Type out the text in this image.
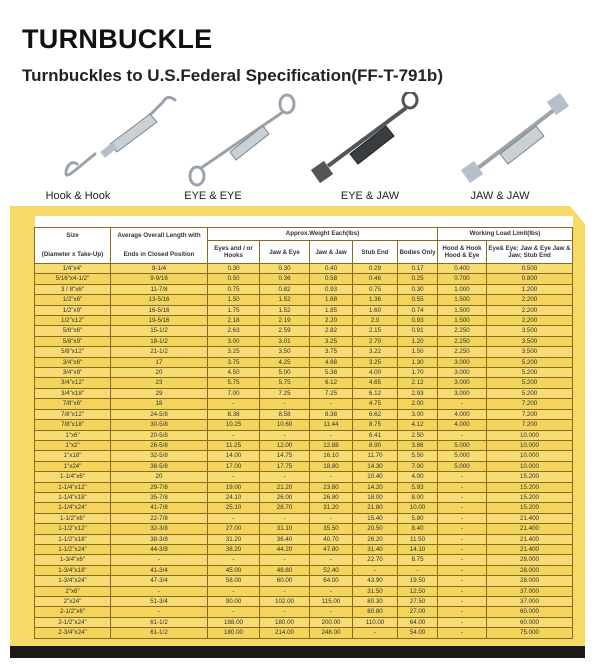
TURNBUCKLE
Turnbuckles to U.S.Federal Specification(FF-T-791b)
Hook & Hook	EYE & EYE	EYE & JAW	JAW & JAW

Size

(Diameter x Take-Up)	Average Overall Length with

Ends in Closed Position	Approx.Weight Each(lbs)					Working Load Limit(lbs)	
		Eyes and / or Hooks	Jaw & Eye	Jaw & Jaw	Stub End	Bodies Only	Hood & Hook Hood & Eye	Eye& Eye; Jaw & Eye Jaw & Jaw; Stub End
1/4"x4"	9-1/4	0.30	0.30	0.40	0.29	0.17	0.400	0.500
5/16"x4-1/2"	9-9/16	0.50	0.36	0.58	0.46	0.25	0.700	0.800
3 / 8"x6"	11-7/8	0.75	0.82	0.93	0.75	0.30	1.000	1.200
1/2"x6"	13-5/16	1.50	1.52	1.68	1.36	0.55	1.500	2.200
1/2"x9"	16-5/16	1.75	1.52	1.85	1.60	0.74	1.500	2.200
1/2"x12"	19-5/16	2.18	2.19	2.20	2.0	0.93	1.500	2.200
5/8"x6"	15-1/2	2.63	2.59	2.82	2.15	0.91	2.250	3.500
5/8"x9"	18-1/2	3.00	3.01	3.25	2.70	1.20	2.250	3.500
5/8"x12"	21-1/2	3.25	3.50	3.75	3.22	1.50	2.250	3.500
3/4"x6"	17	3.75	4.25	4.88	3.25	1.30	3.000	5.200
3/4"x9"	20	4.50	5.00	5.38	4.00	1.70	3.000	5.200
3/4"x12"	23	5.75	5.75	6.12	4.65	2.12	3.000	5.200
3/4"x18"	29	7.00	7.25	7.25	6.12	2.93	3.000	5.200
7/8"x6"	18	-	-	-	4.75	2.00	-	7.200
7/8"x12"	24-5/8	8.38	8.58	8.38	6.62	3.00	4.000	7.200
7/8"x18"	30-5/8	10.25	10.60	11.44	8.75	4.12	4.000	7.200
1"x6"	20-5/8	-	-	-	6.41	2.50	-	10.000
1"x2"	26-5/8	11.25	12.00	12.88	8.90	3.86	5.000	10.000
1"x18"	32-5/8	14.00	14.75	16.10	11.70	5.50	5.000	10.000
1"x24"	38-5/8	17.00	17.75	18.80	14.30	7.00	5.000	10.000
1-1/4"x6"	20	-	-	-	10.40	4.00	-	15.200
1-1/4"x12"	29-7/8	19.00	21.20	23.80	14.20	5.93	-	15.200
1-1/4"x18"	35-7/8	24.10	26.00	26.80	18.00	8.00	-	15.200
1-1/4"x24"	41-7/8	25.10	28.70	31.20	21.80	10.00	-	15.200
1-1/2"x6"	22-7/8	-	-	-	15.40	5.80	-	21.400
1-1/2"x12"	32-3/8	27.00	31.10	35.50	20.50	8.40	-	21.400
1-1/2"x18"	38-3/8	31.20	36.40	40.70	26.20	11.50	-	21.400
1-1/2"x24"	44-3/8	38.20	44.20	47.80	31.40	14.10	-	21.400
1-3/4"x6"	-	-	-	-	22.70	8.75	-	28.000
1-3/4"x18"	41-3/4	45.00	48.80	52.40	-	-	-	28.000
1-3/4"x24"	47-3/4	58.00	60.00	64.00	43.90	19.50	-	28.000
2"x6"	-	-	-	-	31.50	12.50	-	37.000
2"x24"	51-3/4	90.00	102.00	115.00	80.30	27.50	-	37.000
2-1/2"x6"	-	-	-	-	80.80	27.00	-	60.000
2-1/2"x24"	61-1/2	188.00	180.00	200.00	110.00	64.00	-	60.000
2-3/4"x24"	61-1/2	180.00	214.00	248.00	-	54.00	-	75.000
